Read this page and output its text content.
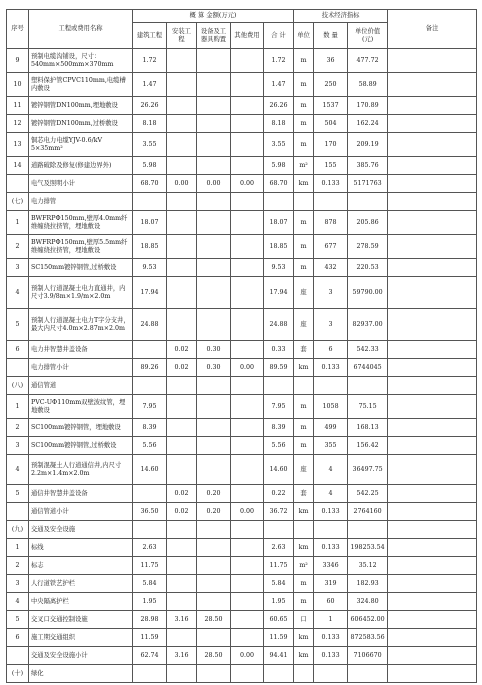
序号	工程或费用名称	概 算 金额(万元)					技术经济指标			备注
		建筑工程	安装工程	设备及工器具购置	其他费用	合 计	单位	数 量	单位价值(元)	
9	预制电缆沟铺设，尺寸：540mm×500mm×370mm	1.72				1.72	m	36	477.72	
10	塑料保护管CPVC110mm,电缆槽内敷设	1.47				1.47	m	250	58.89	
11	镀锌钢管DN100mm,埋地敷设	26.26				26.26	m	1537	170.89	
12	镀锌钢管DN100mm,过桥敷设	8.18				8.18	m	504	162.24	
13	铜芯电力电缆YJV-0.6/kV 5×35mm²	3.55				3.55	m	170	209.19	
14	道路破除及修复(修建边界外)	5.98				5.98	m²	155	385.76	
	电气及照明小计	68.70	0.00	0.00	0.00	68.70	km	0.133	5171763	
(七)	电力排管									
1	BWFRPΦ150mm,壁厚4.0mm纤维缠绕拉挤管，埋地敷设	18.07				18.07	m	878	205.86	
2	BWFRPΦ150mm,壁厚5.5mm纤维缠绕拉挤管，埋地敷设	18.85				18.85	m	677	278.59	
3	SC150mm镀锌钢管,过桥敷设	9.53				9.53	m	432	220.53	
4	预制人行道混凝土电力直通井，内尺寸3.9/8m×1.9/m×2.0m	17.94				17.94	座	3	59790.00	
5	预制人行道混凝土电力T字分支井，最大内尺寸4.0m×2.87m×2.0m	24.88				24.88	座	3	82937.00	
6	电力井智慧井盖设备		0.02	0.30		0.33	套	6	542.33	
	电力排管小计	89.26	0.02	0.30	0.00	89.59	km	0.133	6744045	
(八)	通信管道									
1	PVC-UΦ110mm双壁波纹管，埋地敷设	7.95				7.95	m	1058	75.15	
2	SC100mm镀锌钢管，埋地敷设	8.39				8.39	m	499	168.13	
3	SC100mm镀锌钢管,过桥敷设	5.56				5.56	m	355	156.42	
4	预制混凝土人行道通信井,内尺寸2.2m×1.4m×2.0m	14.60				14.60	座	4	36497.75	
5	通信井智慧井盖设备		0.02	0.20		0.22	套	4	542.25	
	通信管道小计	36.50	0.02	0.20	0.00	36.72	km	0.133	2764160	
(九)	交通及安全设施									
1	标线	2.63				2.63	km	0.133	198253.54	
2	标志	11.75				11.75	m²	3346	35.12	
3	人行道铁艺护栏	5.84				5.84	m	319	182.93	
4	中央隔离护栏	1.95				1.95	m	60	324.80	
5	交叉口交通控制设施	28.98	3.16	28.50		60.65	口	1	606452.00	
6	施工期交通组织	11.59				11.59	km	0.133	872583.56	
	交通及安全设施小计	62.74	3.16	28.50	0.00	94.41	km	0.133	7106670	
(十)	绿化									
